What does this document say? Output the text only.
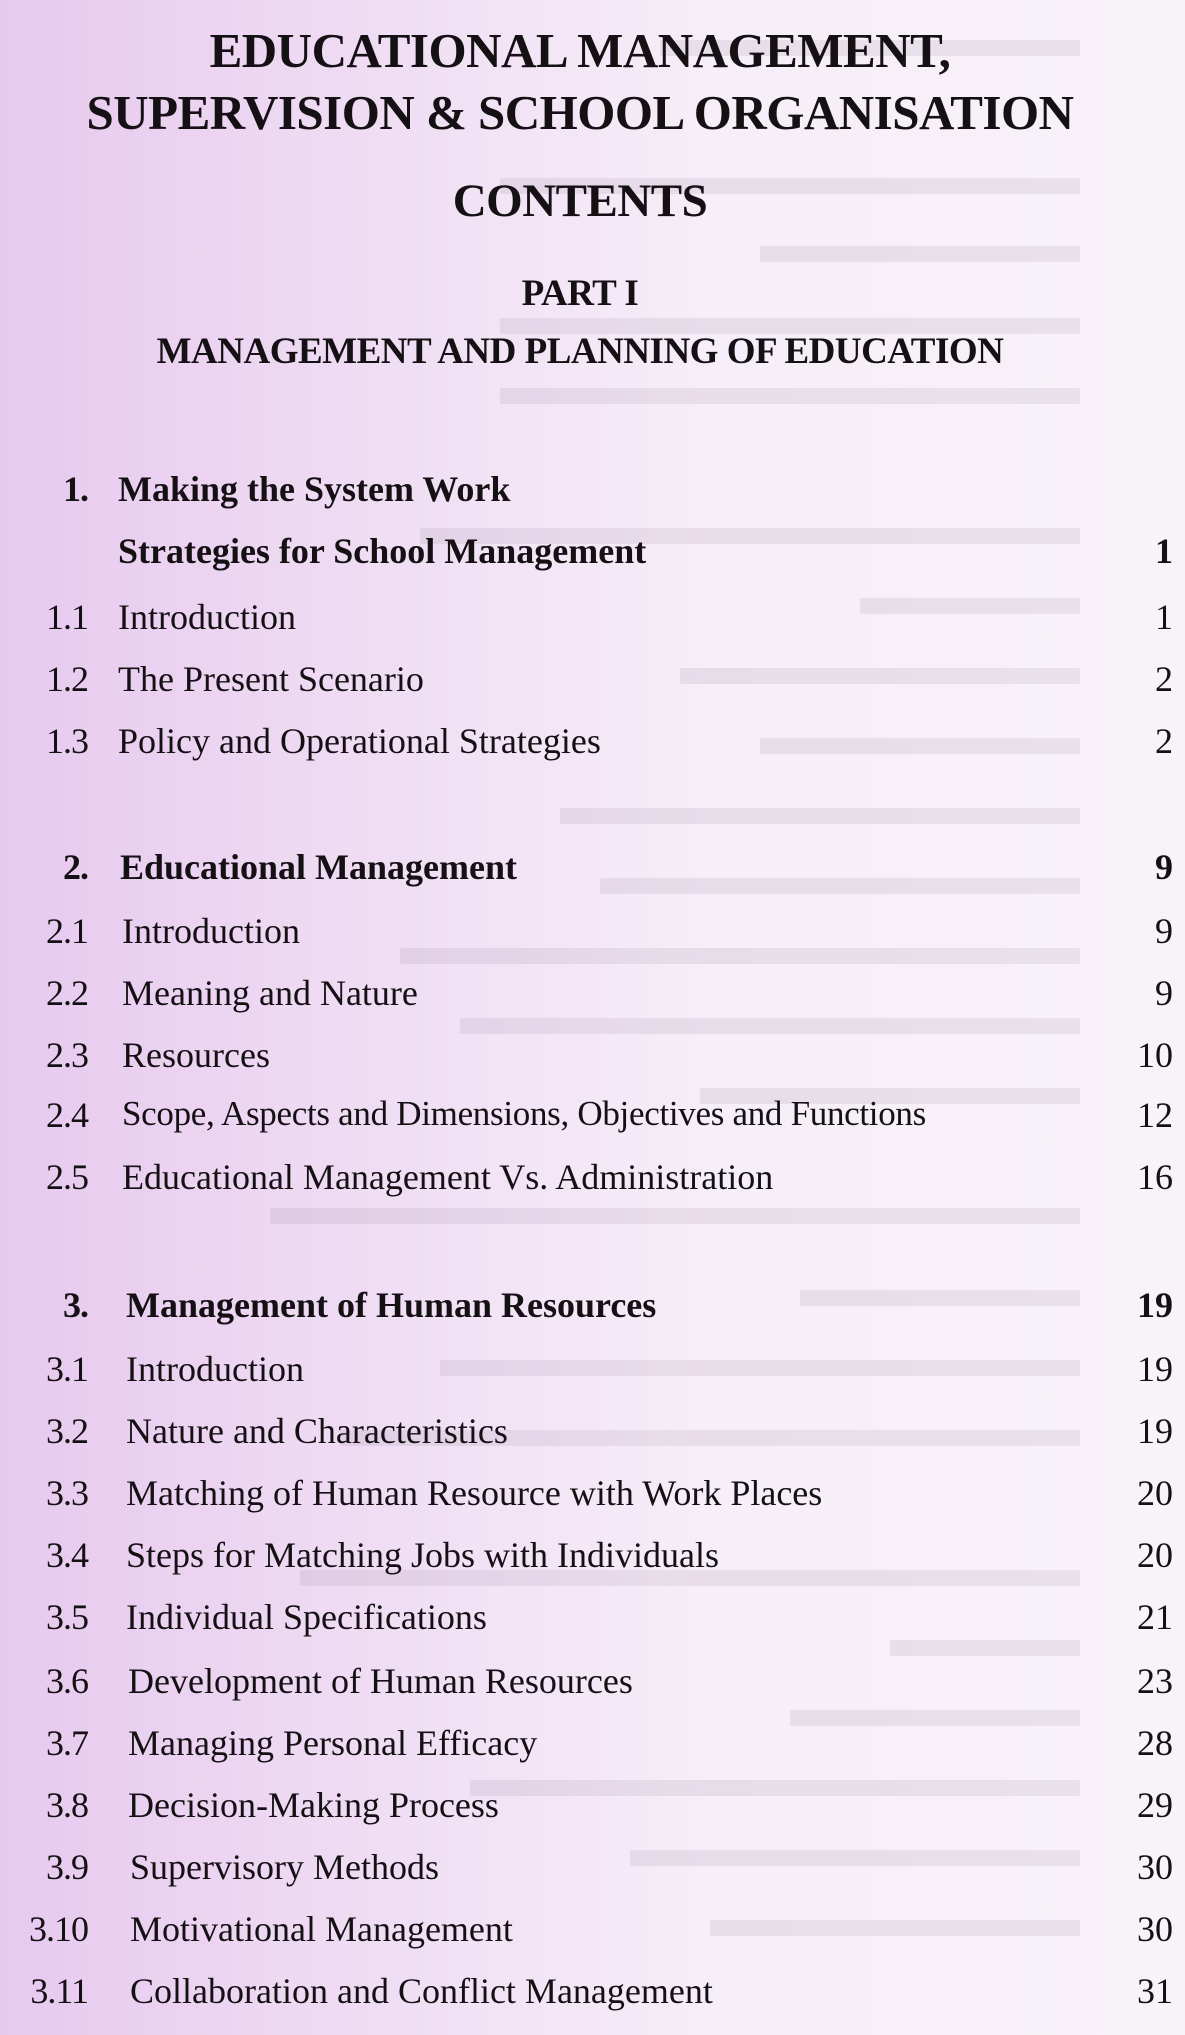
EDUCATIONAL MANAGEMENT,
SUPERVISION & SCHOOL ORGANISATION
CONTENTS
PART I
MANAGEMENT AND PLANNING OF EDUCATION
1. Making the System Work
Strategies for School Management	1
1.1 Introduction	1
1.2 The Present Scenario	2
1.3 Policy and Operational Strategies	2
2. Educational Management	9
2.1 Introduction	9
2.2 Meaning and Nature	9
2.3 Resources	10
2.4 Scope, Aspects and Dimensions, Objectives and Functions	12
2.5 Educational Management Vs. Administration	16
3. Management of Human Resources	19
3.1 Introduction	19
3.2 Nature and Characteristics	19
3.3 Matching of Human Resource with Work Places	20
3.4 Steps for Matching Jobs with Individuals	20
3.5 Individual Specifications	21
3.6 Development of Human Resources	23
3.7 Managing Personal Efficacy	28
3.8 Decision-Making Process	29
3.9 Supervisory Methods	30
3.10 Motivational Management	30
3.11 Collaboration and Conflict Management	31
